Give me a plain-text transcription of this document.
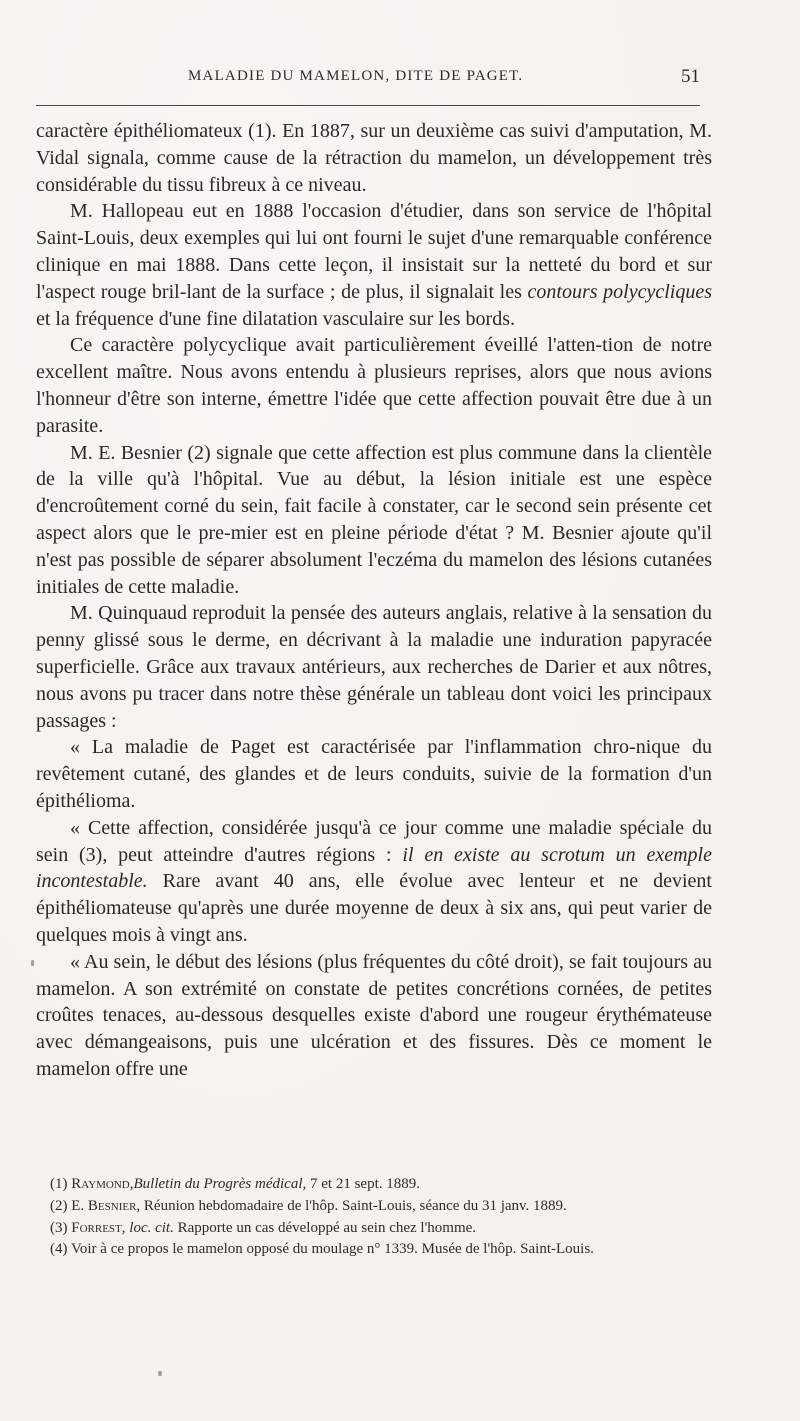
MALADIE DU MAMELON, DITE DE PAGET.	51

caractère épithéliomateux (1). En 1887, sur un deuxième cas suivi d'amputation, M. Vidal signala, comme cause de la rétraction du mamelon, un développement très considérable du tissu fibreux à ce niveau.

M. Hallopeau eut en 1888 l'occasion d'étudier, dans son service de l'hôpital Saint-Louis, deux exemples qui lui ont fourni le sujet d'une remarquable conférence clinique en mai 1888. Dans cette leçon, il insistait sur la netteté du bord et sur l'aspect rouge bril-lant de la surface ; de plus, il signalait les contours polycycliques et la fréquence d'une fine dilatation vasculaire sur les bords.

Ce caractère polycyclique avait particulièrement éveillé l'atten-tion de notre excellent maître. Nous avons entendu à plusieurs reprises, alors que nous avions l'honneur d'être son interne, émettre l'idée que cette affection pouvait être due à un parasite.

M. E. Besnier (2) signale que cette affection est plus commune dans la clientèle de la ville qu'à l'hôpital. Vue au début, la lésion initiale est une espèce d'encroûtement corné du sein, fait facile à constater, car le second sein présente cet aspect alors que le pre-mier est en pleine période d'état ? M. Besnier ajoute qu'il n'est pas possible de séparer absolument l'eczéma du mamelon des lésions cutanées initiales de cette maladie.

M. Quinquaud reproduit la pensée des auteurs anglais, relative à la sensation du penny glissé sous le derme, en décrivant à la maladie une induration papyracée superficielle. Grâce aux travaux antérieurs, aux recherches de Darier et aux nôtres, nous avons pu tracer dans notre thèse générale un tableau dont voici les principaux passages :

« La maladie de Paget est caractérisée par l'inflammation chro-nique du revêtement cutané, des glandes et de leurs conduits, suivie de la formation d'un épithélioma.

« Cette affection, considérée jusqu'à ce jour comme une maladie spéciale du sein (3), peut atteindre d'autres régions : il en existe au scrotum un exemple incontestable. Rare avant 40 ans, elle évolue avec lenteur et ne devient épithéliomateuse qu'après une durée moyenne de deux à six ans, qui peut varier de quelques mois à vingt ans.

« Au sein, le début des lésions (plus fréquentes du côté droit), se fait toujours au mamelon. A son extrémité on constate de petites concrétions cornées, de petites croûtes tenaces, au-dessous desquelles existe d'abord une rougeur érythémateuse avec démangeaisons, puis une ulcération et des fissures. Dès ce moment le mamelon offre une

(1) Raymond,Bulletin du Progrès médical, 7 et 21 sept. 1889.

(2) E. Besnier, Réunion hebdomadaire de l'hôp. Saint-Louis, séance du 31 janv. 1889.

(3) Forrest, loc. cit. Rapporte un cas développé au sein chez l'homme.

(4) Voir à ce propos le mamelon opposé du moulage n° 1339. Musée de l'hôp. Saint-Louis.
